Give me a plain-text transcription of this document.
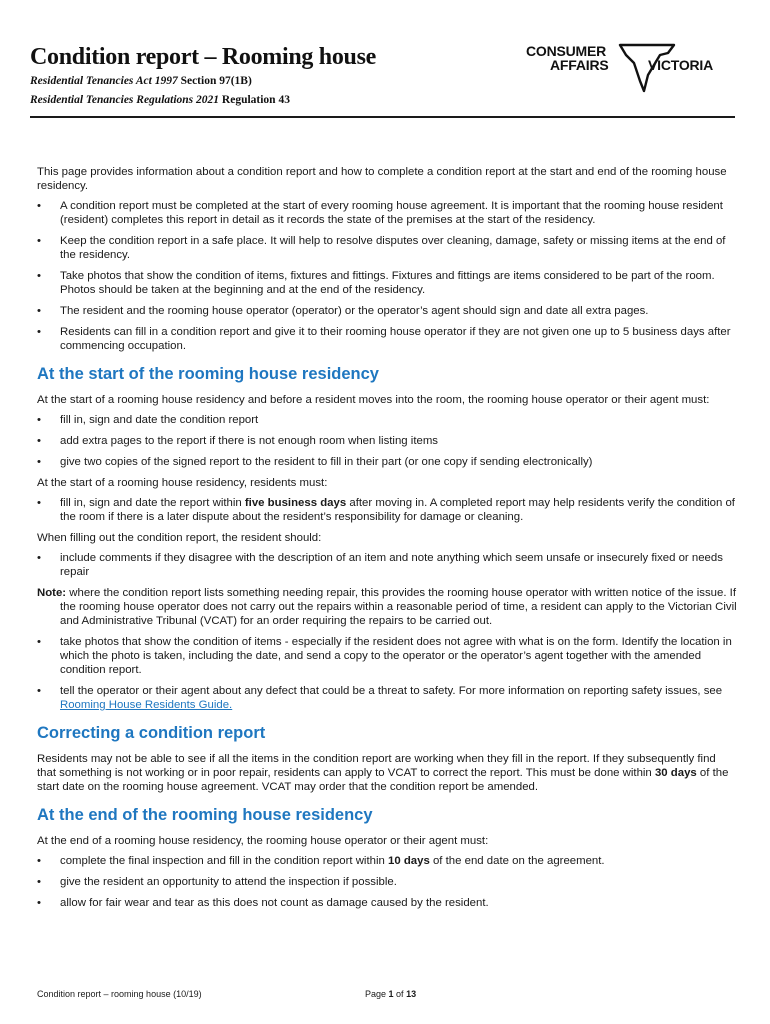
Condition report – Rooming house
Residential Tenancies Act 1997 Section 97(1B)
Residential Tenancies Regulations 2021 Regulation 43
CONSUMER
AFFAIRS	VICTORIA

This page provides information about a condition report and how to complete a condition report at the start and end of the rooming house residency.

• A condition report must be completed at the start of every rooming house agreement. It is important that the rooming house resident (resident) completes this report in detail as it records the state of the premises at the start of the residency.
• Keep the condition report in a safe place. It will help to resolve disputes over cleaning, damage, safety or missing items at the end of the residency.
• Take photos that show the condition of items, fixtures and fittings. Fixtures and fittings are items considered to be part of the room. Photos should be taken at the beginning and at the end of the residency.
• The resident and the rooming house operator (operator) or the operator’s agent should sign and date all extra pages.
• Residents can fill in a condition report and give it to their rooming house operator if they are not given one up to 5 business days after commencing occupation.
At the start of the rooming house residency

At the start of a rooming house residency and before a resident moves into the room, the rooming house operator or their agent must:

• fill in, sign and date the condition report
• add extra pages to the report if there is not enough room when listing items
• give two copies of the signed report to the resident to fill in their part (or one copy if sending electronically)

At the start of a rooming house residency, residents must:

• fill in, sign and date the report within five business days after moving in. A completed report may help residents verify the condition of the room if there is a later dispute about the resident’s responsibility for damage or cleaning.

When filling out the condition report, the resident should:

• include comments if they disagree with the description of an item and note anything which seem unsafe or insecurely fixed or needs repair
Note: where the condition report lists something needing repair, this provides the rooming house operator with written notice of the issue. If the rooming house operator does not carry out the repairs within a reasonable period of time, a resident can apply to the Victorian Civil and Administrative Tribunal (VCAT) for an order requiring the repairs to be carried out.
• take photos that show the condition of items - especially if the resident does not agree with what is on the form. Identify the location in which the photo is taken, including the date, and send a copy to the operator or the operator’s agent together with the amended condition report.
• tell the operator or their agent about any defect that could be a threat to safety. For more information on reporting safety issues, see Rooming House Residents Guide.
Correcting a condition report

Residents may not be able to see if all the items in the condition report are working when they fill in the report. If they subsequently find that something is not working or in poor repair, residents can apply to VCAT to correct the report. This must be done within 30 days of the start date on the rooming house agreement. VCAT may order that the condition report be amended.

At the end of the rooming house residency

At the end of a rooming house residency, the rooming house operator or their agent must:

• complete the final inspection and fill in the condition report within 10 days of the end date on the agreement.
• give the resident an opportunity to attend the inspection if possible.
• allow for fair wear and tear as this does not count as damage caused by the resident.
Condition report – rooming house (10/19)	Page 1 of 13
